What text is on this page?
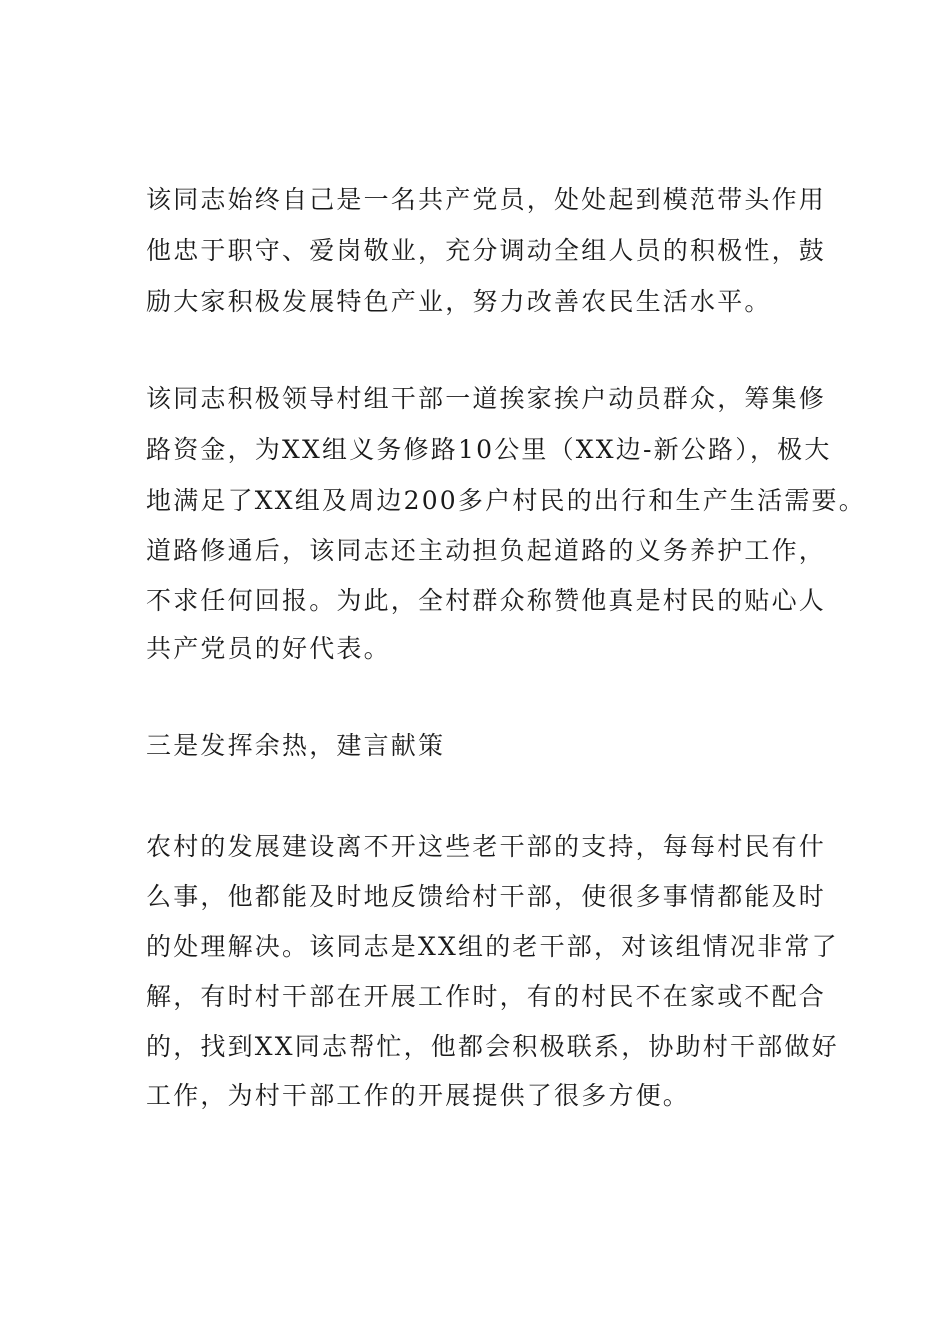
该同志始终自己是一名共产党员，处处起到模范带头作用
他忠于职守、爱岗敬业，充分调动全组人员的积极性，鼓
励大家积极发展特色产业，努力改善农民生活水平。
该同志积极领导村组干部一道挨家挨户动员群众，筹集修
路资金，为XX组义务修路10公里（XX边-新公路），极大
地满足了XX组及周边200多户村民的出行和生产生活需要。
道路修通后，该同志还主动担负起道路的义务养护工作，
不求任何回报。为此，全村群众称赞他真是村民的贴心人
共产党员的好代表。
三是发挥余热，建言献策
农村的发展建设离不开这些老干部的支持，每每村民有什
么事，他都能及时地反馈给村干部，使很多事情都能及时
的处理解决。该同志是XX组的老干部，对该组情况非常了
解，有时村干部在开展工作时，有的村民不在家或不配合
的，找到XX同志帮忙，他都会积极联系，协助村干部做好
工作，为村干部工作的开展提供了很多方便。
